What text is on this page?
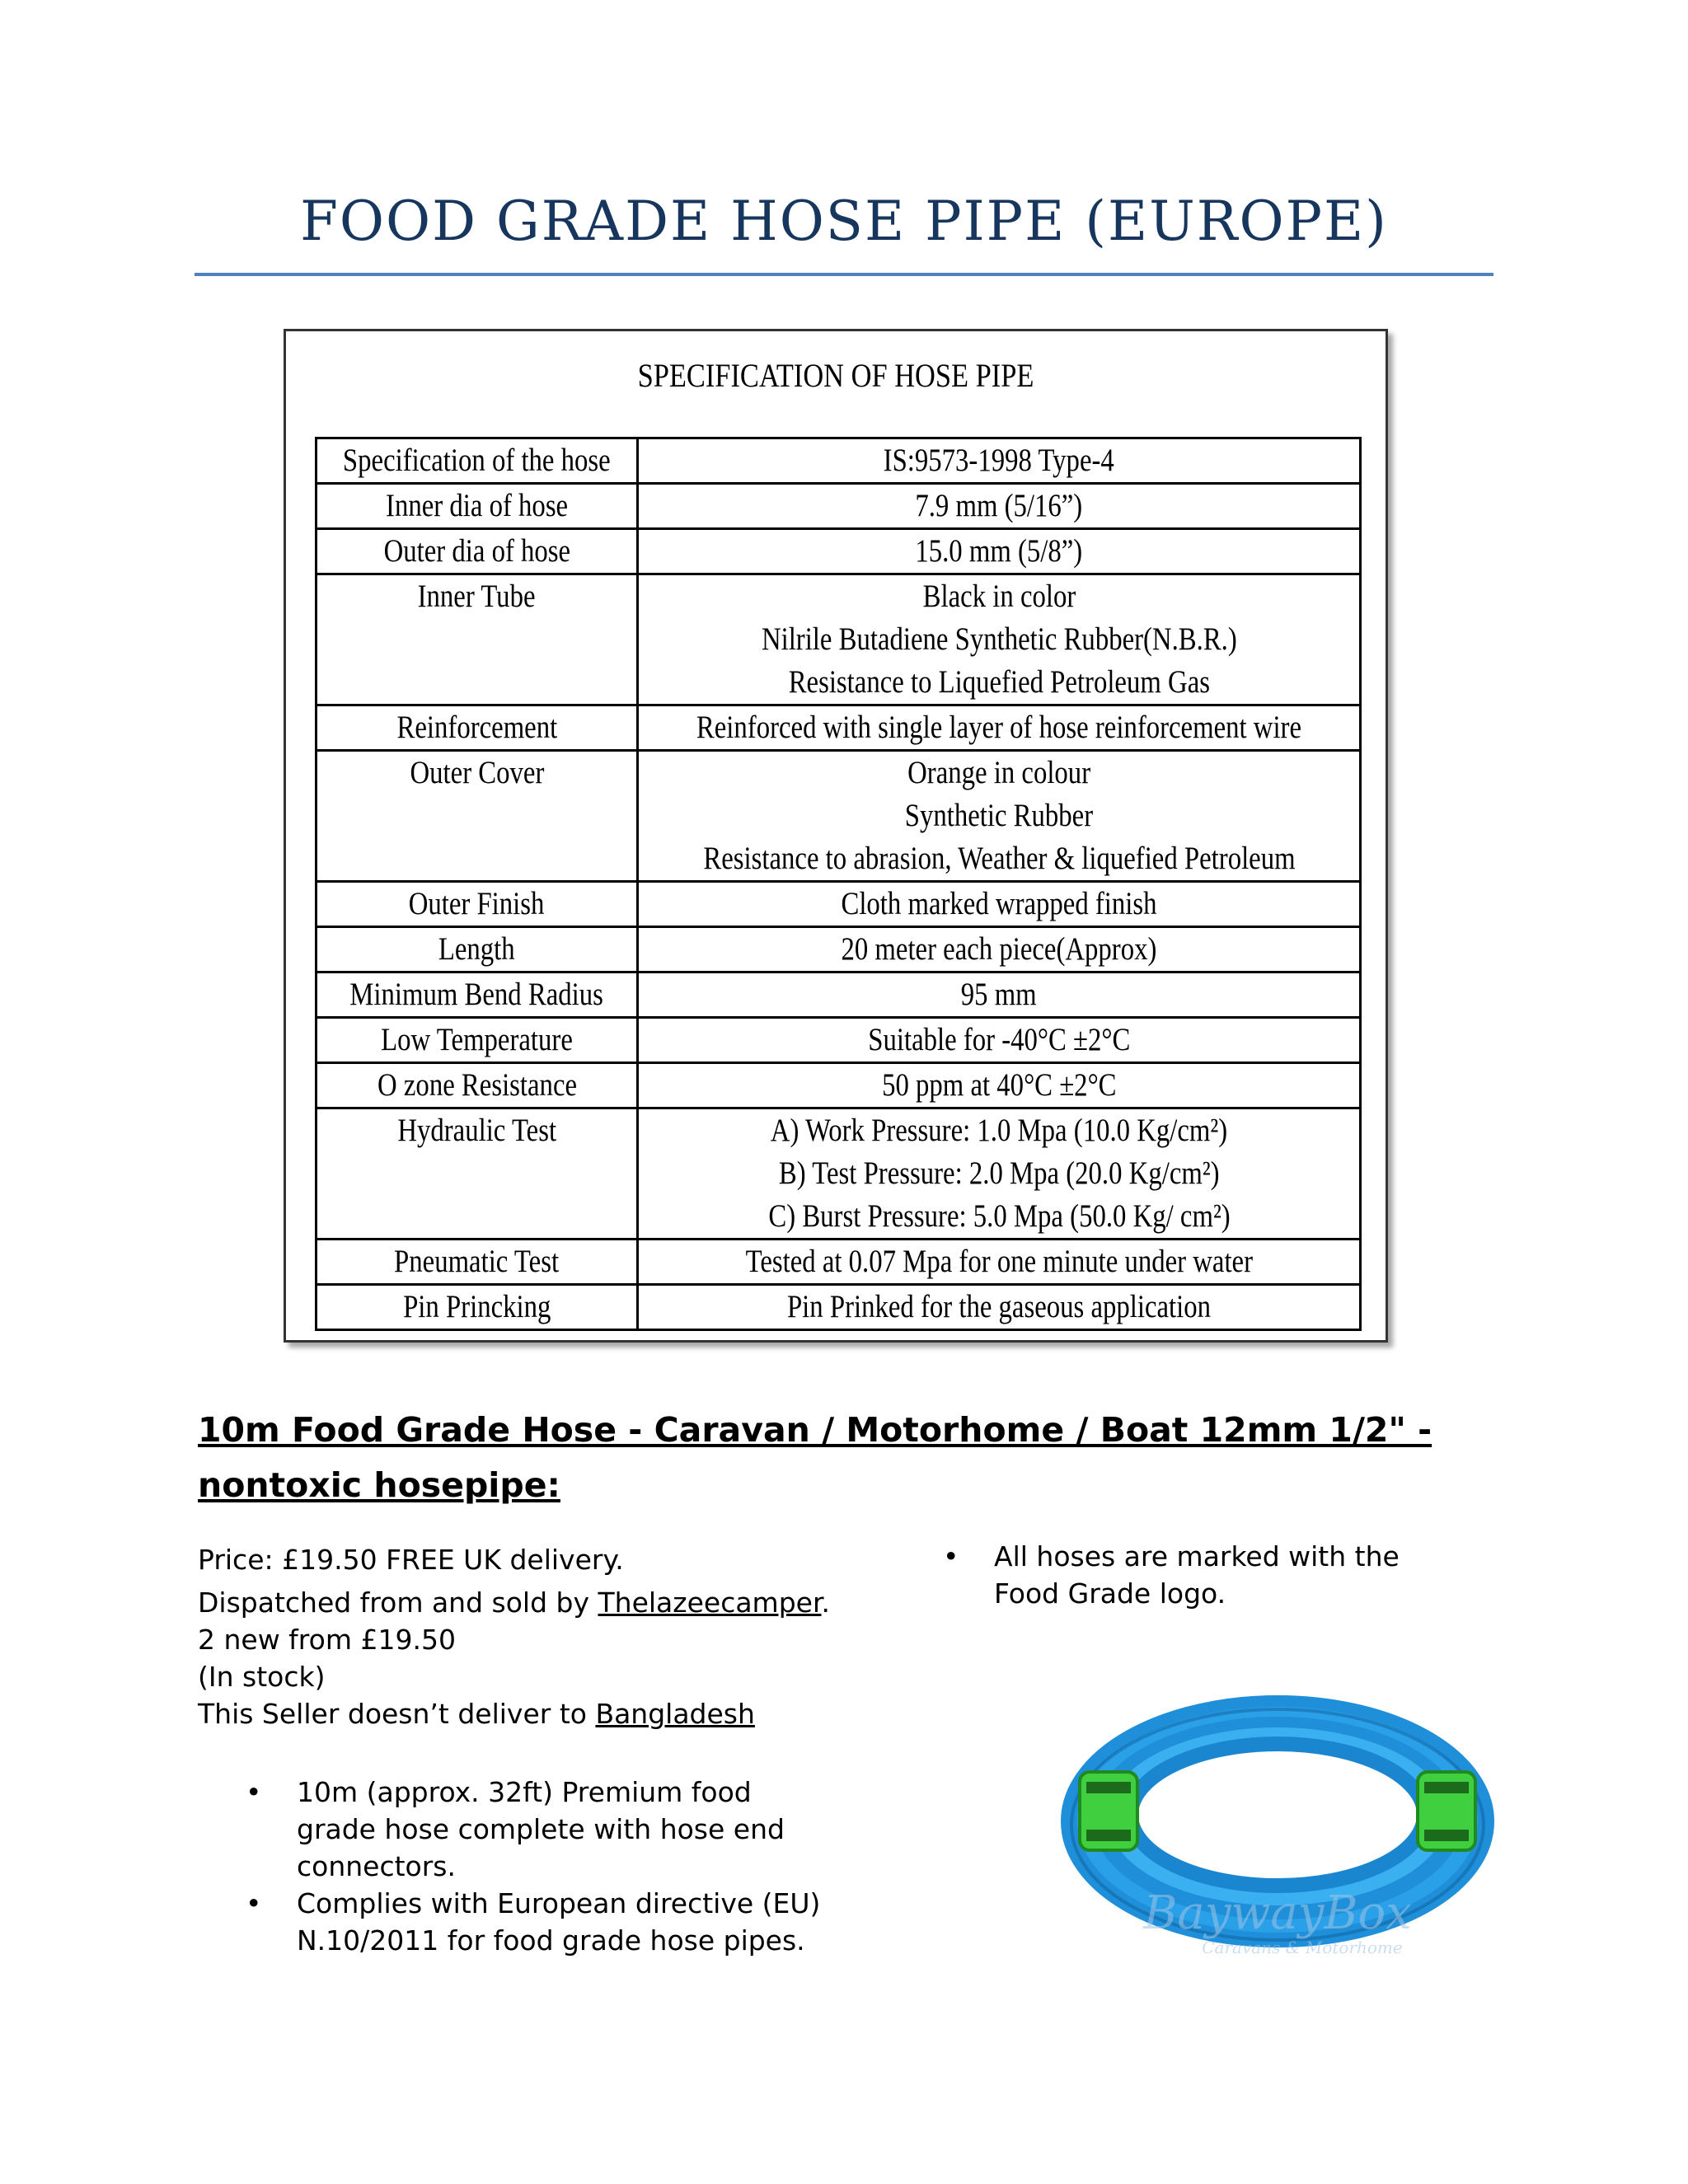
FOOD GRADE HOSE PIPE (EUROPE)
SPECIFICATION OF HOSE PIPE
Specification of the hose	IS:9573-1998 Type-4

Inner dia of hose	7.9 mm (5/16”)

Outer dia of hose	15.0 mm (5/8”)

Inner Tube	Black in color
Nilrile Butadiene Synthetic Rubber(N.B.R.)
Resistance to Liquefied Petroleum Gas

Reinforcement	Reinforced with single layer of hose reinforcement wire

Outer Cover	Orange in colour
Synthetic Rubber
Resistance to abrasion, Weather & liquefied Petroleum

Outer Finish	Cloth marked wrapped finish

Length	20 meter each piece(Approx)

Minimum Bend Radius	95 mm

Low Temperature	Suitable for -40°C ±2°C

O zone Resistance	50 ppm at 40°C ±2°C

Hydraulic Test	A) Work Pressure: 1.0 Mpa (10.0 Kg/cm²)
B) Test Pressure: 2.0 Mpa (20.0 Kg/cm²)
C) Burst Pressure: 5.0 Mpa (50.0 Kg/ cm²)

Pneumatic Test	Tested at 0.07 Mpa for one minute under water

Pin Princking	Pin Prinked for the gaseous application
10m Food Grade Hose - Caravan / Motorhome / Boat 12mm 1/2" - nontoxic hosepipe:

Price: £19.50 FREE UK delivery.

Dispatched from and sold by Thelazeecamper.

2 new from £19.50

(In stock)

This Seller doesn’t deliver to Bangladesh

• 10m (approx. 32ft) Premium food grade hose complete with hose end connectors.
• Complies with European directive (EU) N.10/2011 for food grade hose pipes.
• All hoses are marked with the Food Grade logo.
BaywayBox
Caravans & Motorhome
